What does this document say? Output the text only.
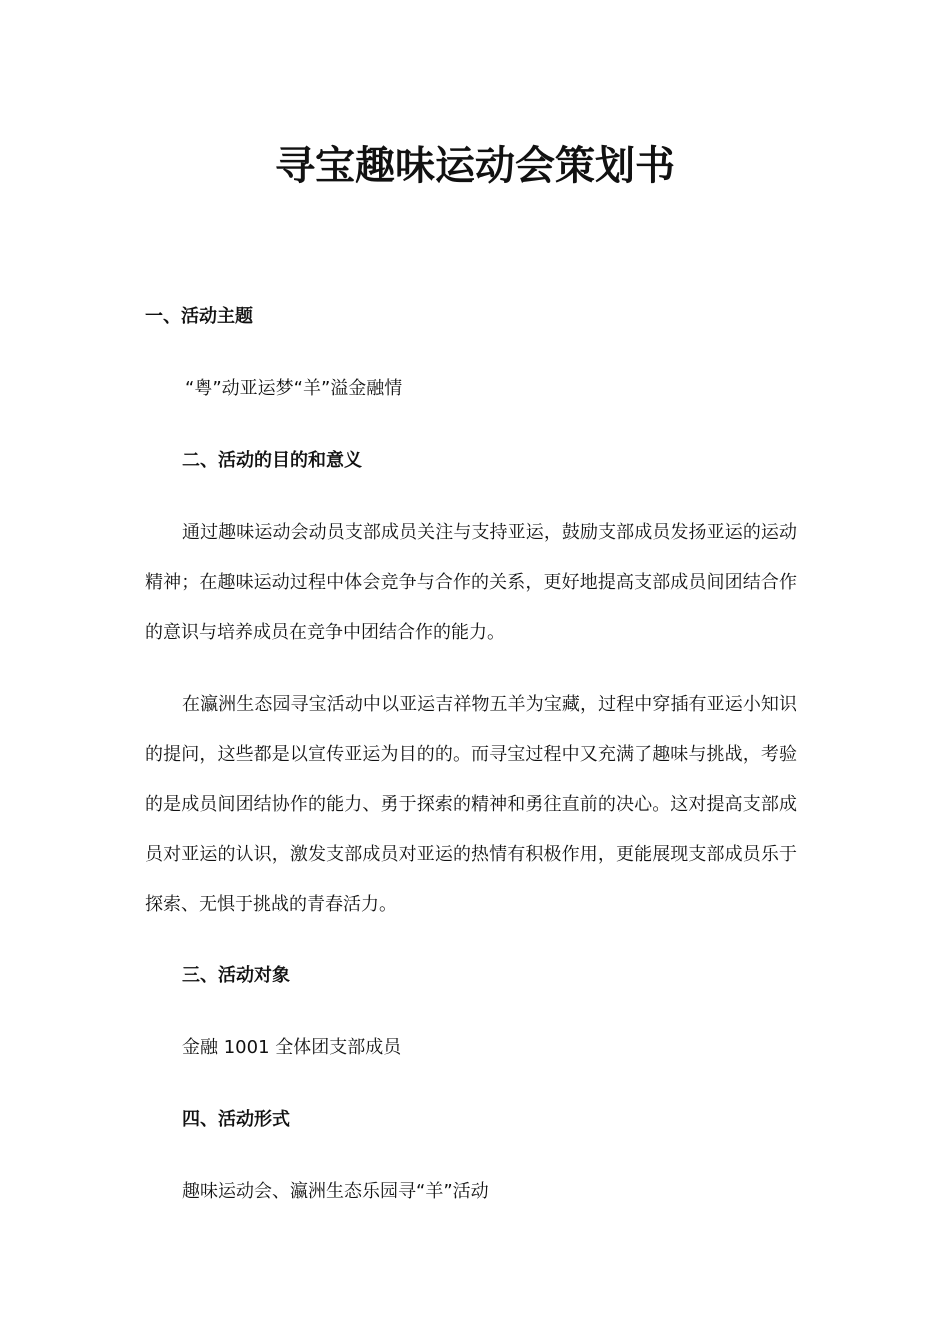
寻宝趣味运动会策划书
一、活动主题

“粤”动亚运梦“羊”溢金融情

二、活动的目的和意义

通过趣味运动会动员支部成员关注与支持亚运，鼓励支部成员发扬亚运的运动精神；在趣味运动过程中体会竞争与合作的关系，更好地提高支部成员间团结合作的意识与培养成员在竞争中团结合作的能力。

在瀛洲生态园寻宝活动中以亚运吉祥物五羊为宝藏，过程中穿插有亚运小知识的提问，这些都是以宣传亚运为目的的。而寻宝过程中又充满了趣味与挑战，考验的是成员间团结协作的能力、勇于探索的精神和勇往直前的决心。这对提高支部成员对亚运的认识，激发支部成员对亚运的热情有积极作用，更能展现支部成员乐于探索、无惧于挑战的青春活力。

三、活动对象

金融 1001 全体团支部成员

四、活动形式

趣味运动会、瀛洲生态乐园寻“羊”活动
